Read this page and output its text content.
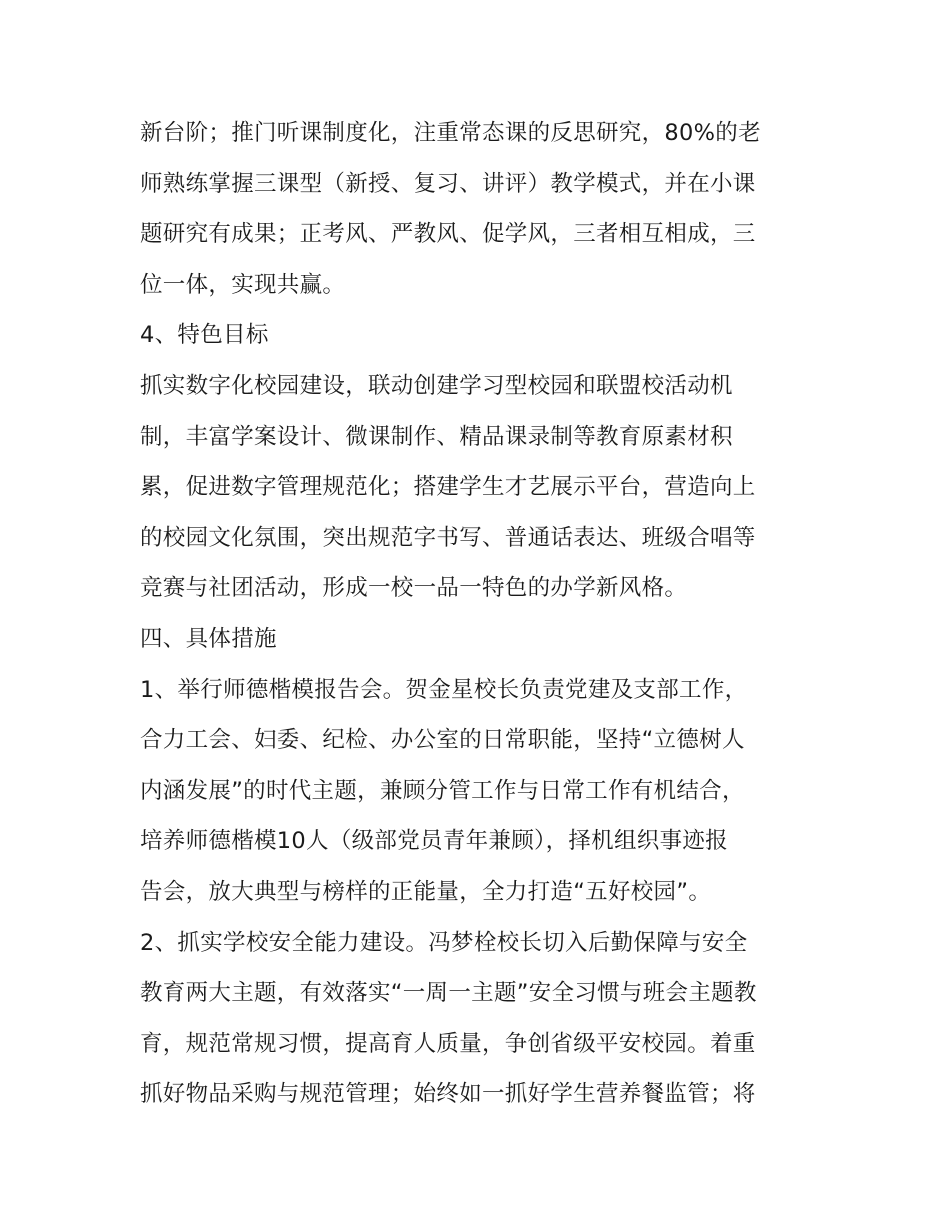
新台阶；推门听课制度化，注重常态课的反思研究，80%的老
师熟练掌握三课型（新授、复习、讲评）教学模式，并在小课
题研究有成果；正考风、严教风、促学风，三者相互相成，三
位一体，实现共赢。
4、特色目标
抓实数字化校园建设，联动创建学习型校园和联盟校活动机
制，丰富学案设计、微课制作、精品课录制等教育原素材积
累，促进数字管理规范化；搭建学生才艺展示平台，营造向上
的校园文化氛围，突出规范字书写、普通话表达、班级合唱等
竞赛与社团活动，形成一校一品一特色的办学新风格。
四、具体措施
1、举行师德楷模报告会。贺金星校长负责党建及支部工作，
合力工会、妇委、纪检、办公室的日常职能，坚持“立德树人
内涵发展”的时代主题，兼顾分管工作与日常工作有机结合，
培养师德楷模10人（级部党员青年兼顾），择机组织事迹报
告会，放大典型与榜样的正能量，全力打造“五好校园”。
2、抓实学校安全能力建设。冯梦栓校长切入后勤保障与安全
教育两大主题，有效落实“一周一主题”安全习惯与班会主题教
育，规范常规习惯，提高育人质量，争创省级平安校园。着重
抓好物品采购与规范管理；始终如一抓好学生营养餐监管；将
